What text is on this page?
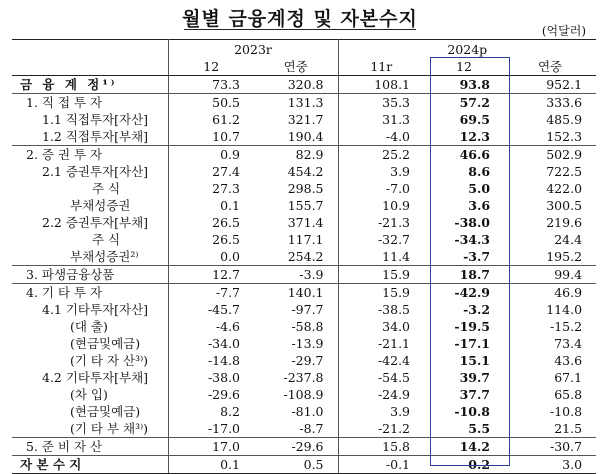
월별 금융계정 및 자본수지
(억달러)
	2023r		2024p		
	12	연중	11r	12	연중
금 융 계 정¹⁾	73.3	320.8	108.1	93.8	952.1
1. 직 접 투 자	50.5	131.3	35.3	57.2	333.6
1.1 직접투자[자산]	61.2	321.7	31.3	69.5	485.9
1.2 직접투자[부채]	10.7	190.4	-4.0	12.3	152.3
2. 증 권 투 자	0.9	82.9	25.2	46.6	502.9
2.1 증권투자[자산]	27.4	454.2	3.9	8.6	722.5
주 식	27.3	298.5	-7.0	5.0	422.0
부채성증권	0.1	155.7	10.9	3.6	300.5
2.2 증권투자[부채]	26.5	371.4	-21.3	-38.0	219.6
주 식	26.5	117.1	-32.7	-34.3	24.4
부채성증권²⁾	0.0	254.2	11.4	-3.7	195.2
3. 파생금융상품	12.7	-3.9	15.9	18.7	99.4
4. 기 타 투 자	-7.7	140.1	15.9	-42.9	46.9
4.1 기타투자[자산]	-45.7	-97.7	-38.5	-3.2	114.0
(대 출)	-4.6	-58.8	34.0	-19.5	-15.2
(현금및예금)	-34.0	-13.9	-21.1	-17.1	73.4
(기 타 자 산³⁾)	-14.8	-29.7	-42.4	15.1	43.6
4.2 기타투자[부채]	-38.0	-237.8	-54.5	39.7	67.1
(차 입)	-29.6	-108.9	-24.9	37.7	65.8
(현금및예금)	8.2	-81.0	3.9	-10.8	-10.8
(기 타 부 채³⁾)	-17.0	-8.7	-21.2	5.5	21.5
5. 준 비 자 산	17.0	-29.6	15.8	14.2	-30.7
자 본 수 지	0.1	0.5	-0.1	0.2	3.0
